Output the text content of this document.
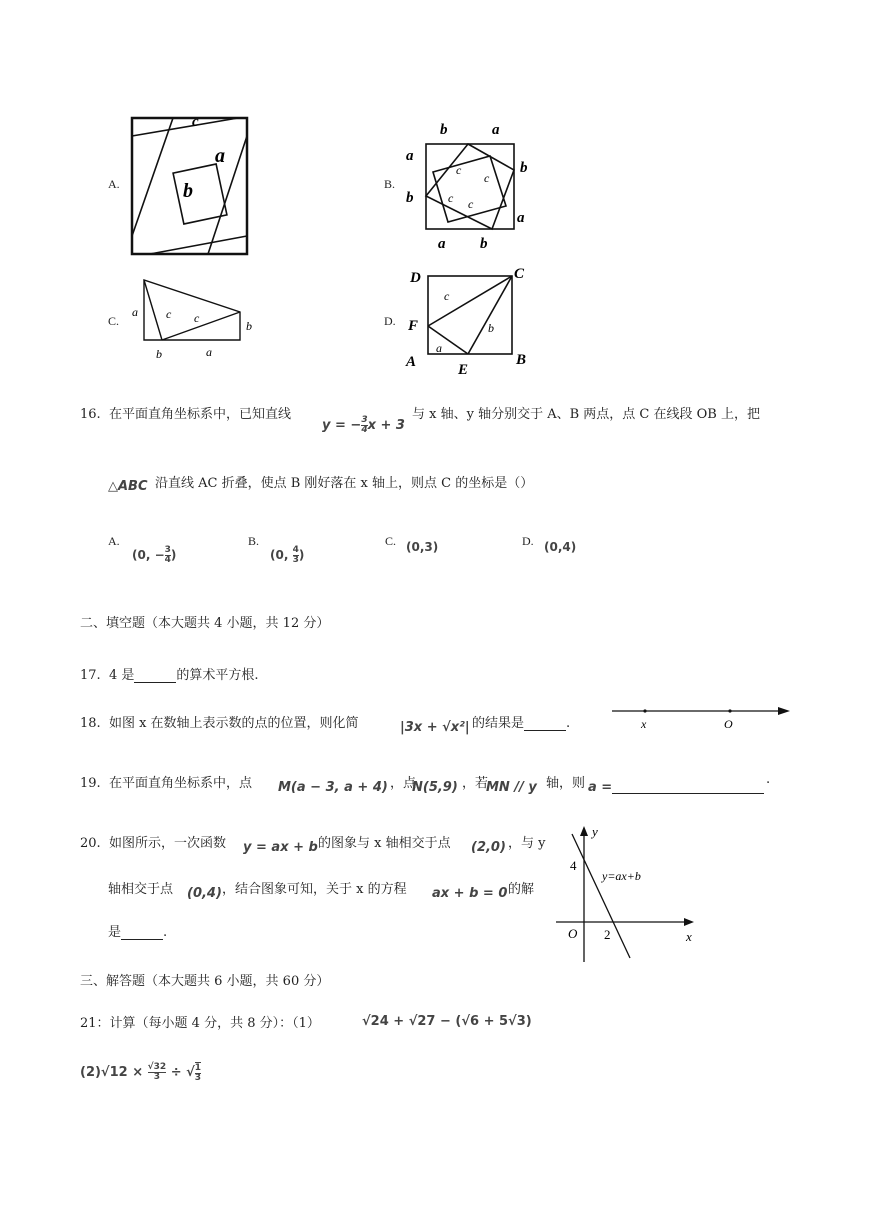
A.
c
a
b	B.
b	a
a
b
b
a
a b
c
c
c c
C.
a c c
b
b	a
D.
D	C
F
A	E
B
c
b
a
16. 在平面直角坐标系中，已知直线
y = − $\frac{3}{4}$ x + 3
与 x 轴、y 轴分别交于 A、B 两点，点 C 在线段 OB 上，把
△ABC 沿直线 AC 折叠，使点 B 刚好落在 x 轴上，则点 C 的坐标是（）
A.
(0, − $\frac{3}{4}$ )
B.
(0, $\frac{4}{3}$ )
C. (0,3)	D. (0,4)
二、填空题（本大题共 4 小题，共 12 分）
17. 4 是	的算术平方根.
18. 如图 x 在数轴上表示数的点的位置，则化简	|3x + √x²| 的结果是	.	x	O
19. 在平面直角坐标系中，点 M(a − 3, a + 4) ，点
N(5,9) ，若
MN // y 轴，则 a =
.
20. 如图所示，一次函数 y = ax + b 的图象与 x 轴相交于点 (2,0) ，与 y
轴相交于点 (0,4) ，结合图象可知，关于 x 的方程 ax + b = 0 的解
是	.
y
x
O
4
2
y=ax+b
三、解答题（本大题共 6 小题，共 60 分）
21：计算（每小题 4 分，共 8 分）：（1）	√24 + √27 − (√6 + 5√3)
$(2)√12 \times \frac{√32}{3}$ ÷ √ $\frac{1}{3}$
